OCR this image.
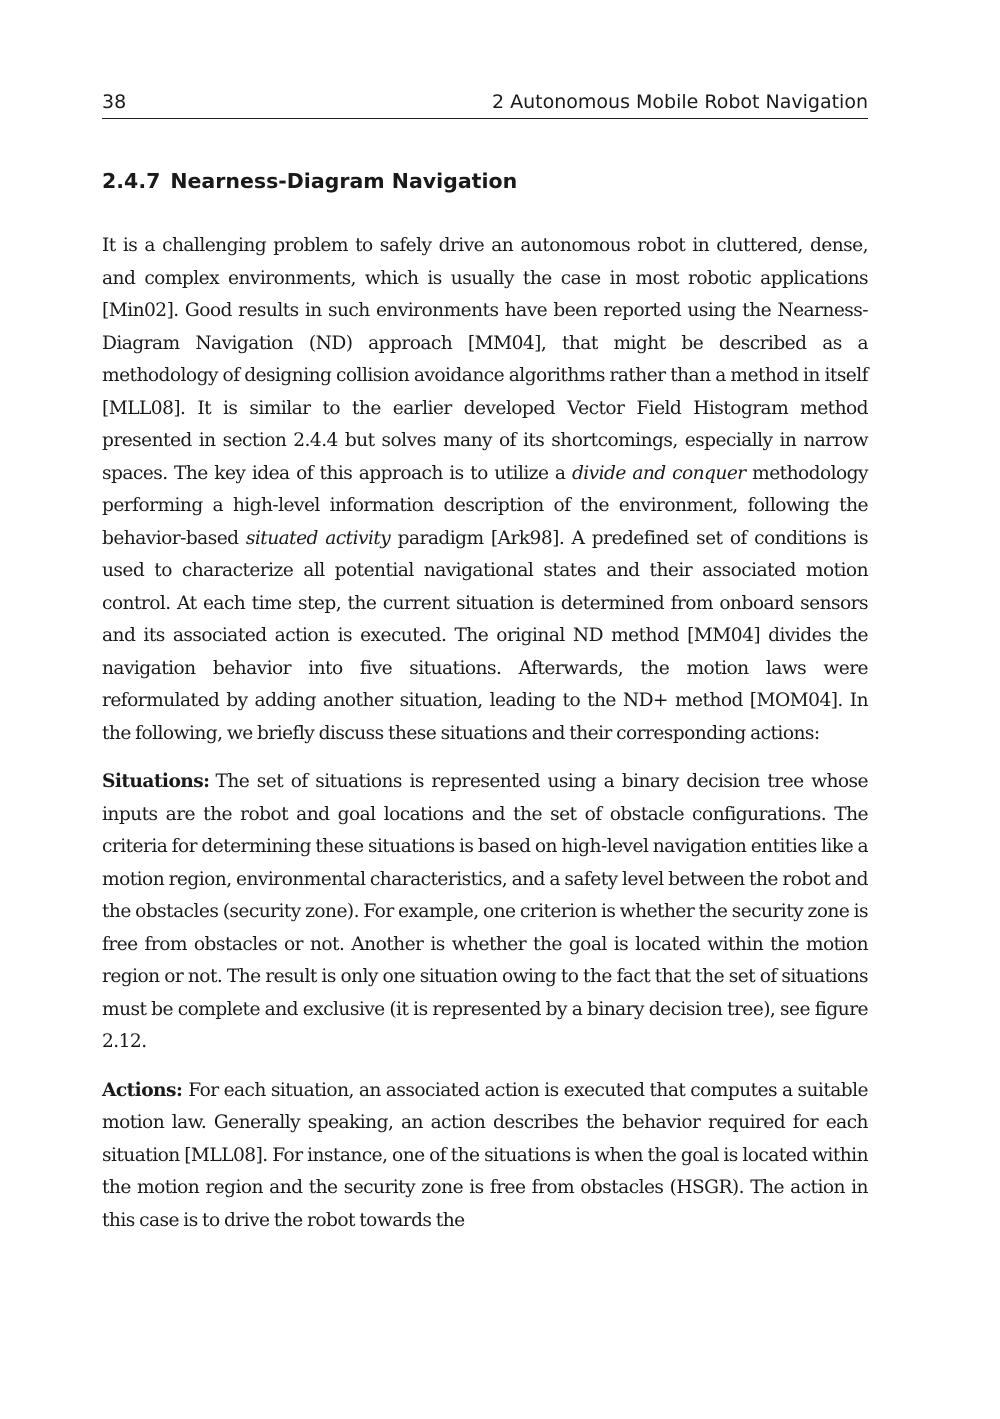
38	2 Autonomous Mobile Robot Navigation
2.4.7 Nearness-Diagram Navigation

It is a challenging problem to safely drive an autonomous robot in cluttered, dense, and complex environments, which is usually the case in most robotic applications [Min02]. Good results in such environments have been reported using the Nearness-Diagram Navigation (ND) approach [MM04], that might be described as a methodology of designing collision avoidance algorithms rather than a method in itself [MLL08]. It is similar to the earlier developed Vector Field Histogram method presented in section 2.4.4 but solves many of its shortcomings, especially in narrow spaces. The key idea of this approach is to utilize a divide and conquer methodology performing a high-level information description of the environment, following the behavior-based situated activity paradigm [Ark98]. A predefined set of conditions is used to characterize all potential navigational states and their associated motion control. At each time step, the current situation is determined from onboard sensors and its associated action is executed. The original ND method [MM04] divides the navigation behavior into five situations. Afterwards, the motion laws were reformulated by adding another situation, leading to the ND+ method [MOM04]. In the following, we briefly discuss these situations and their corresponding actions:

Situations: The set of situations is represented using a binary decision tree whose inputs are the robot and goal locations and the set of obstacle configurations. The criteria for determining these situations is based on high-level navigation entities like a motion region, environmental characteristics, and a safety level between the robot and the obstacles (security zone). For example, one criterion is whether the security zone is free from obstacles or not. Another is whether the goal is located within the motion region or not. The result is only one situation owing to the fact that the set of situations must be complete and exclusive (it is represented by a binary decision tree), see figure 2.12.

Actions: For each situation, an associated action is executed that computes a suitable motion law. Generally speaking, an action describes the behavior required for each situation [MLL08]. For instance, one of the situations is when the goal is located within the motion region and the security zone is free from obstacles (HSGR). The action in this case is to drive the robot towards the
